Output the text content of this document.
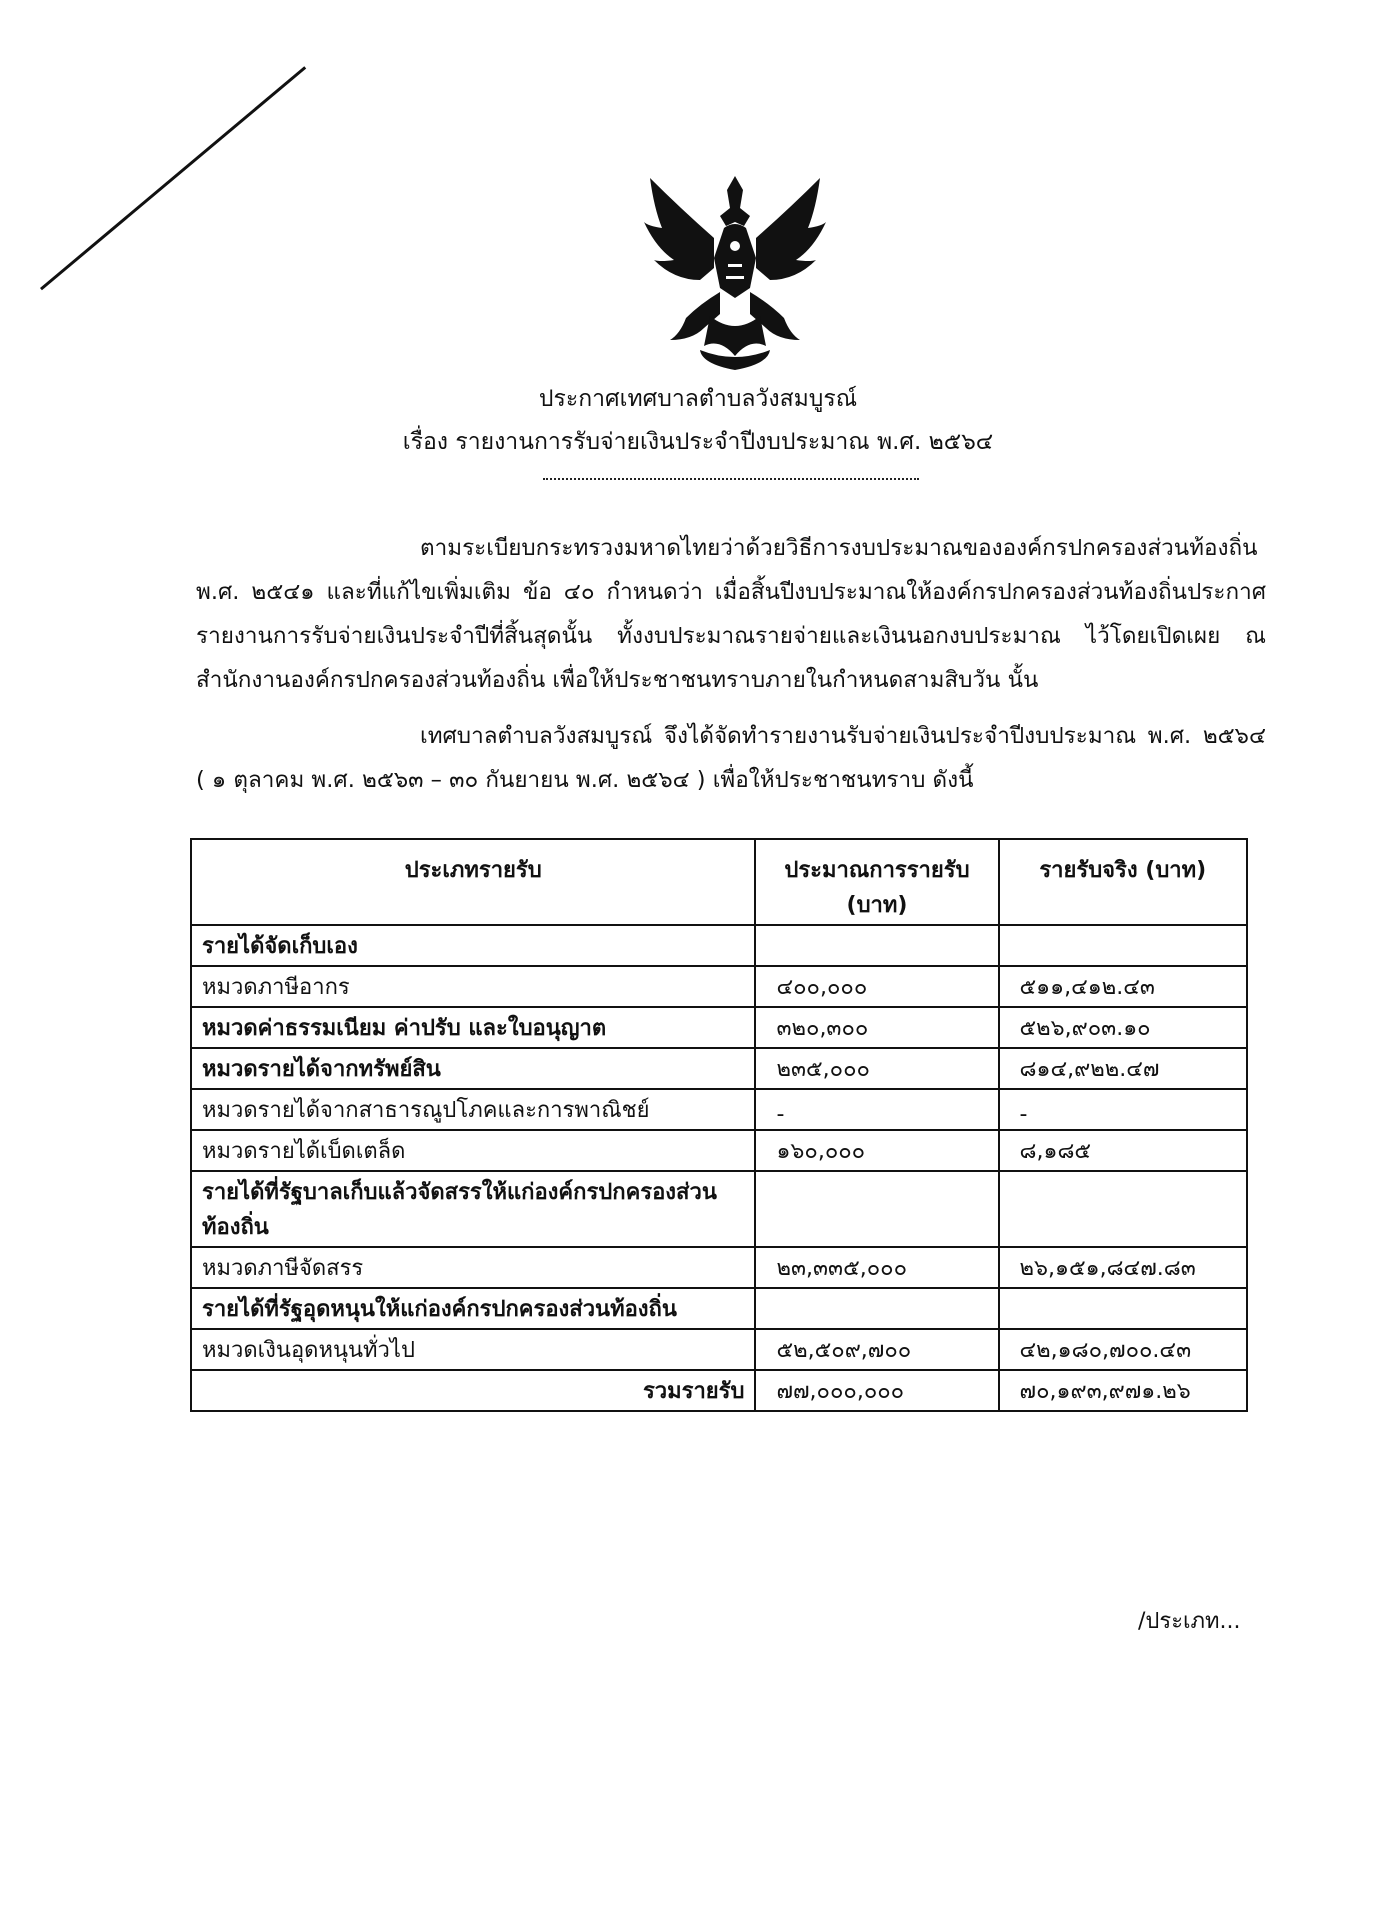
ประกาศเทศบาลตำบลวังสมบูรณ์
เรื่อง รายงานการรับจ่ายเงินประจำปีงบประมาณ พ.ศ. ๒๕๖๔
ตามระเบียบกระทรวงมหาดไทยว่าด้วยวิธีการงบประมาณขององค์กรปกครองส่วนท้องถิ่น พ.ศ. ๒๕๔๑ และที่แก้ไขเพิ่มเติม ข้อ ๔๐ กำหนดว่า เมื่อสิ้นปีงบประมาณให้องค์กรปกครองส่วนท้องถิ่นประกาศรายงานการรับจ่ายเงินประจำปีที่สิ้นสุดนั้น ทั้งงบประมาณรายจ่ายและเงินนอกงบประมาณ ไว้โดยเปิดเผย ณ สำนักงานองค์กรปกครองส่วนท้องถิ่น เพื่อให้ประชาชนทราบภายในกำหนดสามสิบวัน นั้น
เทศบาลตำบลวังสมบูรณ์ จึงได้จัดทำรายงานรับจ่ายเงินประจำปีงบประมาณ พ.ศ. ๒๕๖๔ ( ๑ ตุลาคม พ.ศ. ๒๕๖๓ – ๓๐ กันยายน พ.ศ. ๒๕๖๔ ) เพื่อให้ประชาชนทราบ ดังนี้
ประเภทรายรับ	ประมาณการรายรับ (บาท)	รายรับจริง (บาท)
รายได้จัดเก็บเอง		
หมวดภาษีอากร	๔๐๐,๐๐๐	๕๑๑,๔๑๒.๔๓
หมวดค่าธรรมเนียม ค่าปรับ และใบอนุญาต	๓๒๐,๓๐๐	๕๒๖,๙๐๓.๑๐
หมวดรายได้จากทรัพย์สิน	๒๓๕,๐๐๐	๘๑๔,๙๒๒.๔๗
หมวดรายได้จากสาธารณูปโภคและการพาณิชย์	-	-
หมวดรายได้เบ็ดเตล็ด	๑๖๐,๐๐๐	๘,๑๘๕
รายได้ที่รัฐบาลเก็บแล้วจัดสรรให้แก่องค์กรปกครองส่วนท้องถิ่น		
หมวดภาษีจัดสรร	๒๓,๓๓๕,๐๐๐	๒๖,๑๕๑,๘๔๗.๘๓
รายได้ที่รัฐอุดหนุนให้แก่องค์กรปกครองส่วนท้องถิ่น		
หมวดเงินอุดหนุนทั่วไป	๕๒,๕๐๙,๗๐๐	๔๒,๑๘๐,๗๐๐.๔๓
รวมรายรับ	๗๗,๐๐๐,๐๐๐	๗๐,๑๙๓,๙๗๑.๒๖
/ประเภท...
